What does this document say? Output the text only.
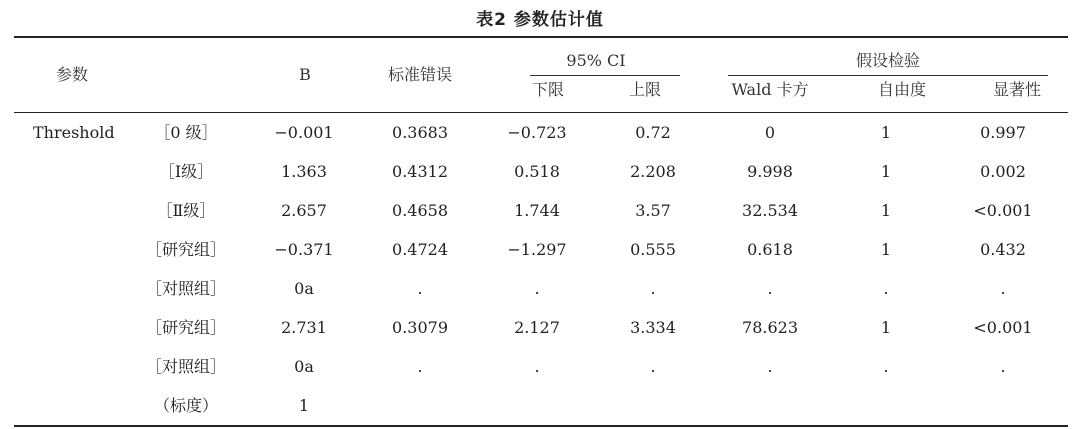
表2 参数估计值
参数	B	标准错误
95% CI
下限	上限
假设检验
Wald 卡方	自由度	显著性
Threshold ［0 级］	−0.001	0.3683	−0.723	0.72	0	1	0.997
［Ⅰ级］	1.363	0.4312	0.518	2.208	9.998	1	0.002
［Ⅱ级］	2.657	0.4658	1.744	3.57	32.534	1	<0.001
［研究组］	−0.371	0.4724	−1.297	0.555	0.618	1	0.432
［对照组］	0a	.	.	.	.	.	.
［研究组］	2.731	0.3079	2.127	3.334	78.623	1	<0.001
［对照组］	0a	.	.	.	.	.	.
（标度）	1
